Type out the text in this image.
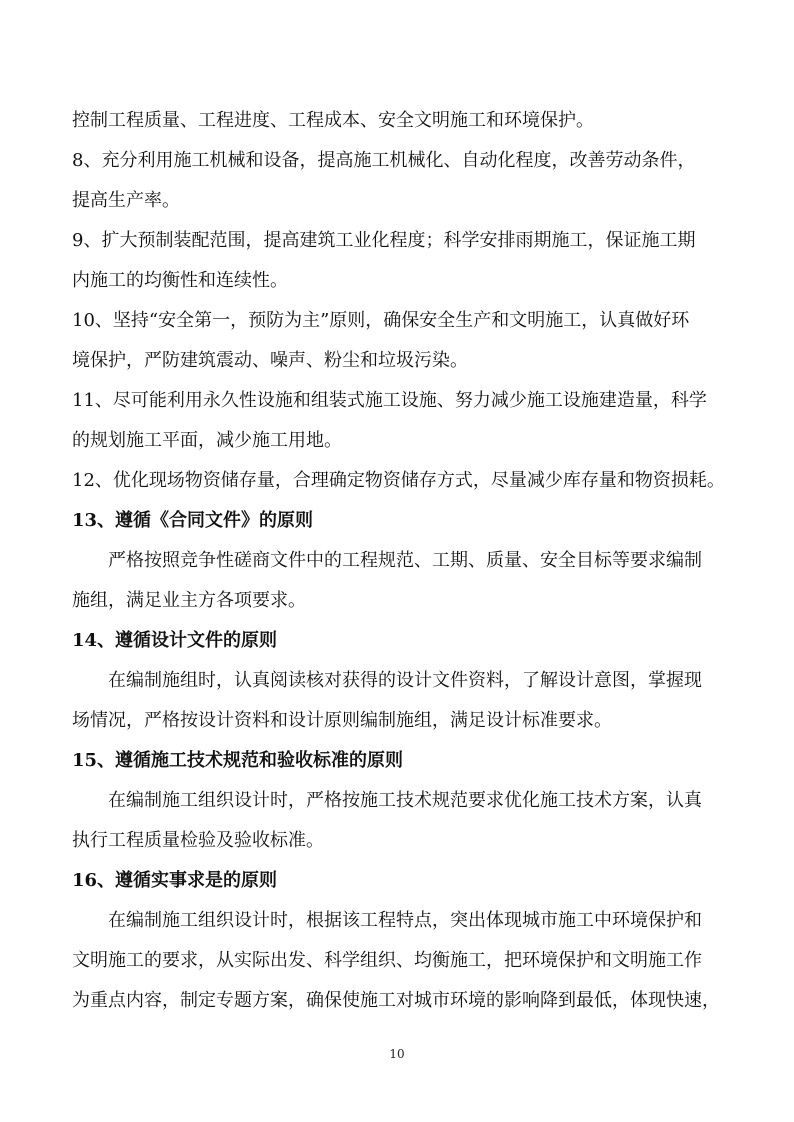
控制工程质量、工程进度、工程成本、安全文明施工和环境保护。

8、充分利用施工机械和设备，提高施工机械化、自动化程度，改善劳动条件，

提高生产率。

9、扩大预制装配范围，提高建筑工业化程度；科学安排雨期施工，保证施工期

内施工的均衡性和连续性。

10、坚持“安全第一，预防为主”原则，确保安全生产和文明施工，认真做好环

境保护，严防建筑震动、噪声、粉尘和垃圾污染。

11、尽可能利用永久性设施和组装式施工设施、努力减少施工设施建造量，科学

的规划施工平面，减少施工用地。

12、优化现场物资储存量，合理确定物资储存方式，尽量减少库存量和物资损耗。

13、遵循《合同文件》的原则

严格按照竞争性磋商文件中的工程规范、工期、质量、安全目标等要求编制

施组，满足业主方各项要求。

14、遵循设计文件的原则

在编制施组时，认真阅读核对获得的设计文件资料，了解设计意图，掌握现

场情况，严格按设计资料和设计原则编制施组，满足设计标准要求。

15、遵循施工技术规范和验收标准的原则

在编制施工组织设计时，严格按施工技术规范要求优化施工技术方案，认真

执行工程质量检验及验收标准。

16、遵循实事求是的原则

在编制施工组织设计时，根据该工程特点，突出体现城市施工中环境保护和

文明施工的要求，从实际出发、科学组织、均衡施工，把环境保护和文明施工作

为重点内容，制定专题方案，确保使施工对城市环境的影响降到最低，体现快速，

10
